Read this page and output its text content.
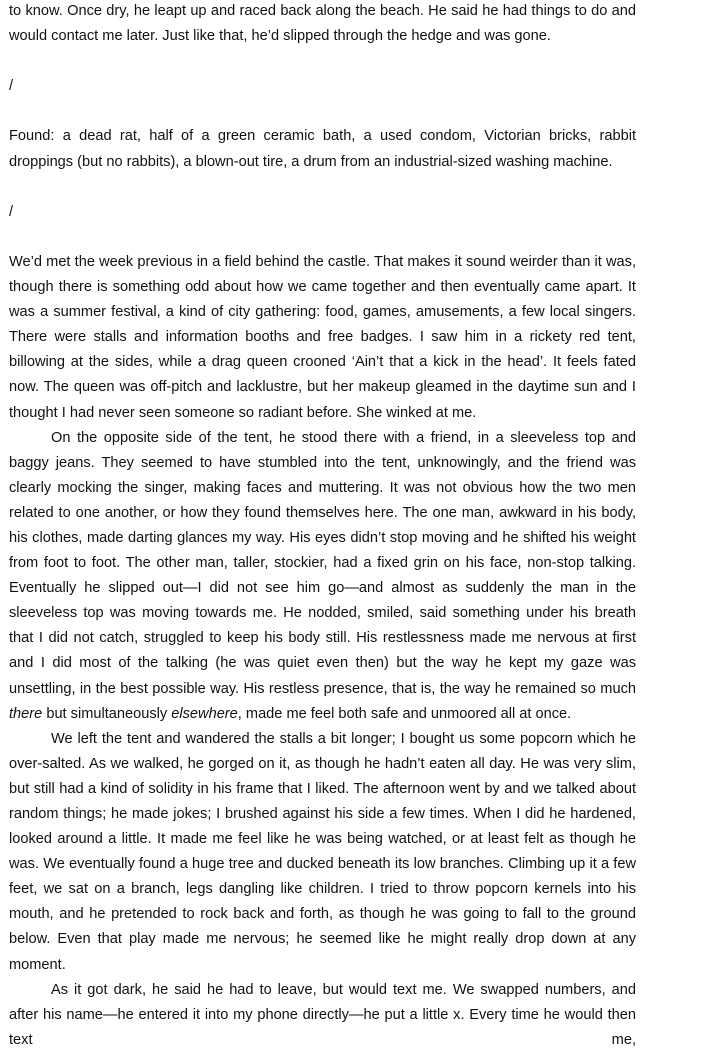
to know. Once dry, he leapt up and raced back along the beach. He said he had things to do and would contact me later. Just like that, he’d slipped through the hedge and was gone.

/

Found: a dead rat, half of a green ceramic bath, a used condom, Victorian bricks, rabbit droppings (but no rabbits), a blown-out tire, a drum from an industrial-sized washing machine.

/

We’d met the week previous in a field behind the castle. That makes it sound weirder than it was, though there is something odd about how we came together and then eventually came apart. It was a summer festival, a kind of city gathering: food, games, amusements, a few local singers. There were stalls and information booths and free badges. I saw him in a rickety red tent, billowing at the sides, while a drag queen crooned ‘Ain’t that a kick in the head’. It feels fated now. The queen was off-pitch and lacklustre, but her makeup gleamed in the daytime sun and I thought I had never seen someone so radiant before. She winked at me.

On the opposite side of the tent, he stood there with a friend, in a sleeveless top and baggy jeans. They seemed to have stumbled into the tent, unknowingly, and the friend was clearly mocking the singer, making faces and muttering. It was not obvious how the two men related to one another, or how they found themselves here. The one man, awkward in his body, his clothes, made darting glances my way. His eyes didn’t stop moving and he shifted his weight from foot to foot. The other man, taller, stockier, had a fixed grin on his face, non-stop talking. Eventually he slipped out—I did not see him go—and almost as suddenly the man in the sleeveless top was moving towards me. He nodded, smiled, said something under his breath that I did not catch, struggled to keep his body still. His restlessness made me nervous at first and I did most of the talking (he was quiet even then) but the way he kept my gaze was unsettling, in the best possible way. His restless presence, that is, the way he remained so much there but simultaneously elsewhere, made me feel both safe and unmoored all at once.

We left the tent and wandered the stalls a bit longer; I bought us some popcorn which he over-salted. As we walked, he gorged on it, as though he hadn’t eaten all day. He was very slim, but still had a kind of solidity in his frame that I liked. The afternoon went by and we talked about random things; he made jokes; I brushed against his side a few times. When I did he hardened, looked around a little. It made me feel like he was being watched, or at least felt as though he was. We eventually found a huge tree and ducked beneath its low branches. Climbing up it a few feet, we sat on a branch, legs dangling like children. I tried to throw popcorn kernels into his mouth, and he pretended to rock back and forth, as though he was going to fall to the ground below. Even that play made me nervous; he seemed like he might really drop down at any moment.

As it got dark, he said he had to leave, but would text me. We swapped numbers, and after his name—he entered it into my phone directly—he put a little x. Every time he would then text me,
